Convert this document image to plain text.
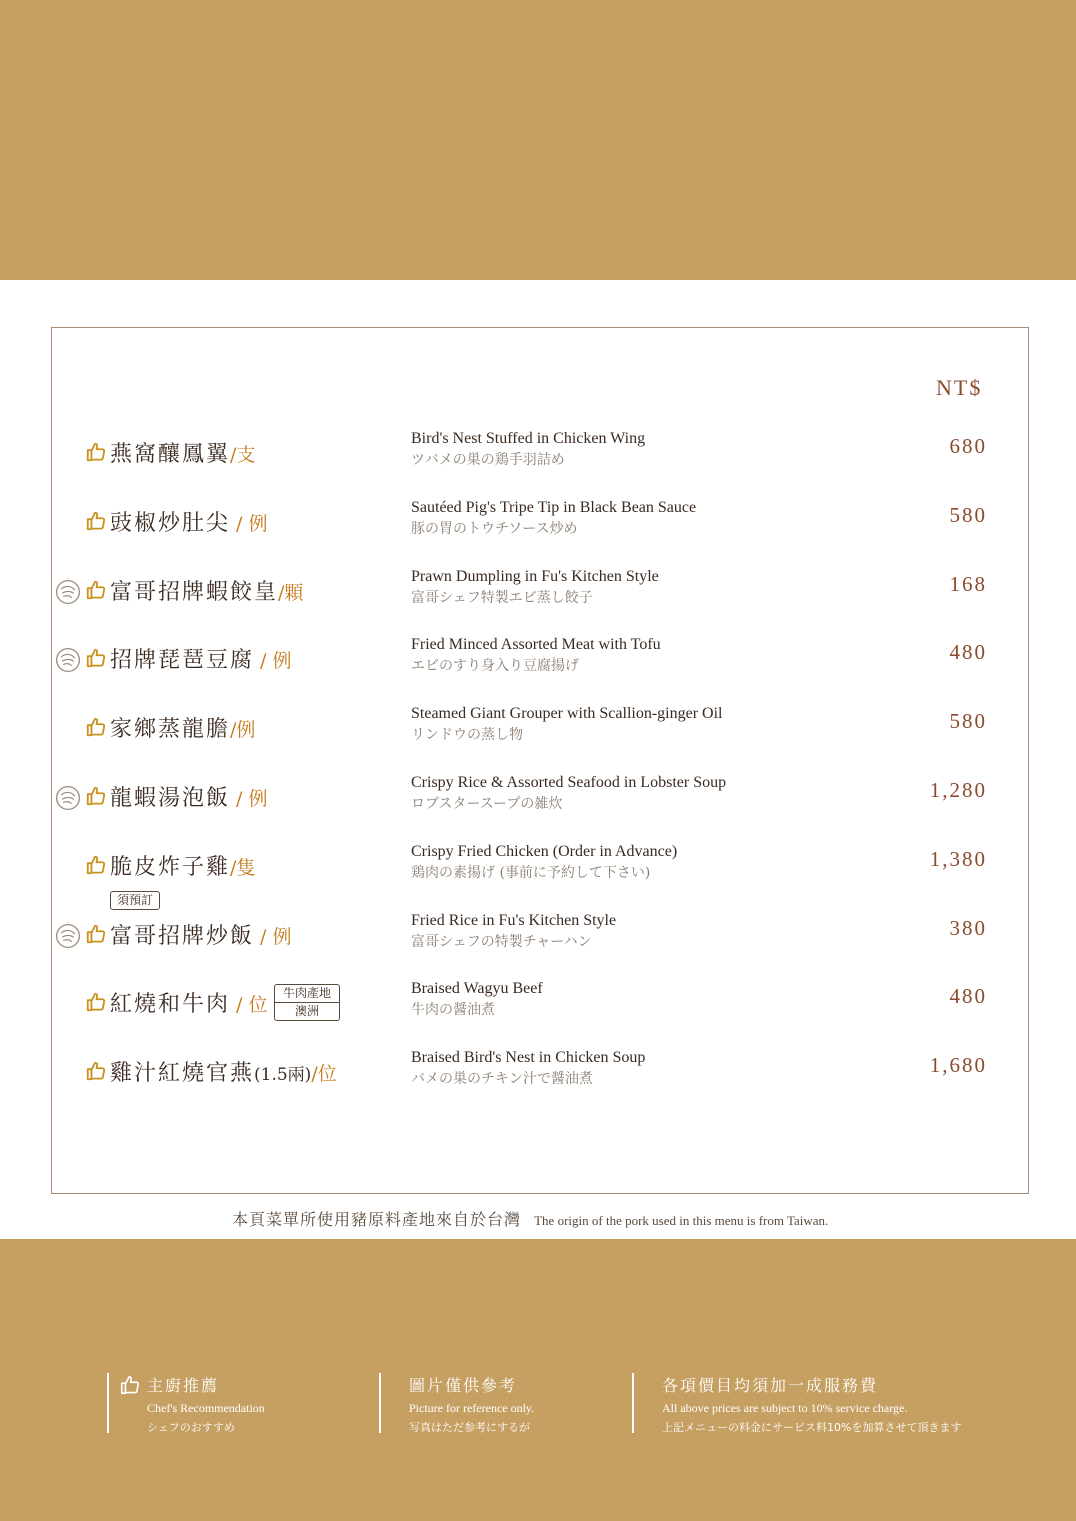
NT$
燕窩釀鳳翼/支
Bird's Nest Stuffed in Chicken Wing
ツバメの巣の鶏手羽詰め
680
豉椒炒肚尖 / 例
Sautéed Pig's Tripe Tip in Black Bean Sauce
豚の胃のトウチソース炒め
580
富哥招牌蝦餃皇/顆
Prawn Dumpling in Fu's Kitchen Style
富哥シェフ特製エビ蒸し餃子
168
招牌琵琶豆腐 / 例
Fried Minced Assorted Meat with Tofu
エビのすり身入り豆腐揚げ
480
家鄉蒸龍膽/例
Steamed Giant Grouper with Scallion-ginger Oil
リンドウの蒸し物
580
龍蝦湯泡飯 / 例
Crispy Rice & Assorted Seafood in Lobster Soup
ロブスタースープの雑炊
1,280
脆皮炸子雞/隻
須預訂
Crispy Fried Chicken (Order in Advance)
鶏肉の素揚げ (事前に予約して下さい)
1,380
富哥招牌炒飯 / 例
Fried Rice in Fu's Kitchen Style
富哥シェフの特製チャーハン
380
紅燒和牛肉 / 位
牛肉產地
澳洲
Braised Wagyu Beef
牛肉の醤油煮
480
雞汁紅燒官燕(1.5兩)/位
Braised Bird's Nest in Chicken Soup
バメの巣のチキン汁で醤油煮
1,680
本頁菜單所使用豬原料產地來自於台灣 The origin of the pork used in this menu is from Taiwan.
主廚推薦
Chef's Recommendation
シェフのおすすめ
圖片僅供參考
Picture for reference only.
写真はただ参考にするが
各項價目均須加一成服務費
All above prices are subject to 10% service charge.
上記メニューの料金にサービス料10%を加算させて頂きます
